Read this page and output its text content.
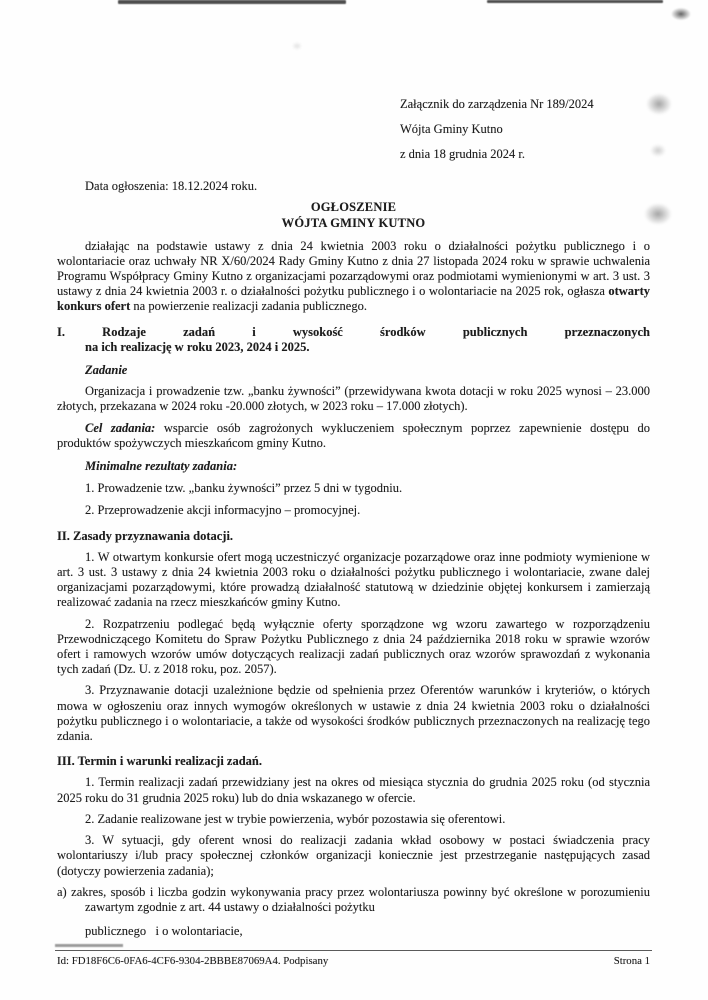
Załącznik do zarządzenia Nr 189/2024
Wójta Gminy Kutno
z dnia 18 grudnia 2024 r.
Data ogłoszenia: 18.12.2024 roku.
OGŁOSZENIE
WÓJTA GMINY KUTNO

działając na podstawie ustawy z dnia 24 kwietnia 2003 roku o działalności pożytku publicznego i o wolontariacie oraz uchwały NR X/60/2024 Rady Gminy Kutno z dnia 27 listopada 2024 roku w sprawie uchwalenia Programu Współpracy Gminy Kutno z organizacjami pozarządowymi oraz podmiotami wymienionymi w art. 3 ust. 3 ustawy z dnia 24 kwietnia 2003 r. o działalności pożytku publicznego i o wolontariacie na 2025 rok, ogłasza otwarty konkurs ofert na powierzenie realizacji zadania publicznego.

I. Rodzaje zadań i wysokość środków publicznych przeznaczonych
na ich realizację w roku 2023, 2024 i 2025.

Zadanie

Organizacja i prowadzenie tzw. „banku żywności” (przewidywana kwota dotacji w roku 2025 wynosi – 23.000 złotych, przekazana w 2024 roku -20.000 złotych, w 2023 roku – 17.000 złotych).

Cel zadania: wsparcie osób zagrożonych wykluczeniem społecznym poprzez zapewnienie dostępu do produktów spożywczych mieszkańcom gminy Kutno.

Minimalne rezultaty zadania:

1. Prowadzenie tzw. „banku żywności” przez 5 dni w tygodniu.

2. Przeprowadzenie akcji informacyjno – promocyjnej.

II. Zasady przyznawania dotacji.

1. W otwartym konkursie ofert mogą uczestniczyć organizacje pozarządowe oraz inne podmioty wymienione w art. 3 ust. 3 ustawy z dnia 24 kwietnia 2003 roku o działalności pożytku publicznego i wolontariacie, zwane dalej organizacjami pozarządowymi, które prowadzą działalność statutową w dziedzinie objętej konkursem i zamierzają realizować zadania na rzecz mieszkańców gminy Kutno.

2. Rozpatrzeniu podlegać będą wyłącznie oferty sporządzone wg wzoru zawartego w rozporządzeniu Przewodniczącego Komitetu do Spraw Pożytku Publicznego z dnia 24 października 2018 roku w sprawie wzorów ofert i ramowych wzorów umów dotyczących realizacji zadań publicznych oraz wzorów sprawozdań z wykonania tych zadań (Dz. U. z 2018 roku, poz. 2057).

3. Przyznawanie dotacji uzależnione będzie od spełnienia przez Oferentów warunków i kryteriów, o których mowa w ogłoszeniu oraz innych wymogów określonych w ustawie z dnia 24 kwietnia 2003 roku o działalności pożytku publicznego i o wolontariacie, a także od wysokości środków publicznych przeznaczonych na realizację tego zdania.

III. Termin i warunki realizacji zadań.

1. Termin realizacji zadań przewidziany jest na okres od miesiąca stycznia do grudnia 2025 roku (od stycznia 2025 roku do 31 grudnia 2025 roku) lub do dnia wskazanego w ofercie.

2. Zadanie realizowane jest w trybie powierzenia, wybór pozostawia się oferentowi.

3. W sytuacji, gdy oferent wnosi do realizacji zadania wkład osobowy w postaci świadczenia pracy wolontariuszy i/lub pracy społecznej członków organizacji koniecznie jest przestrzeganie następujących zasad (dotyczy powierzenia zadania);

a) zakres, sposób i liczba godzin wykonywania pracy przez wolontariusza powinny być określone w porozumieniu zawartym zgodnie z art. 44 ustawy o działalności pożytku

publicznego   i o wolontariacie,

Id: FD18F6C6-0FA6-4CF6-9304-2BBBE87069A4. Podpisany	Strona 1
